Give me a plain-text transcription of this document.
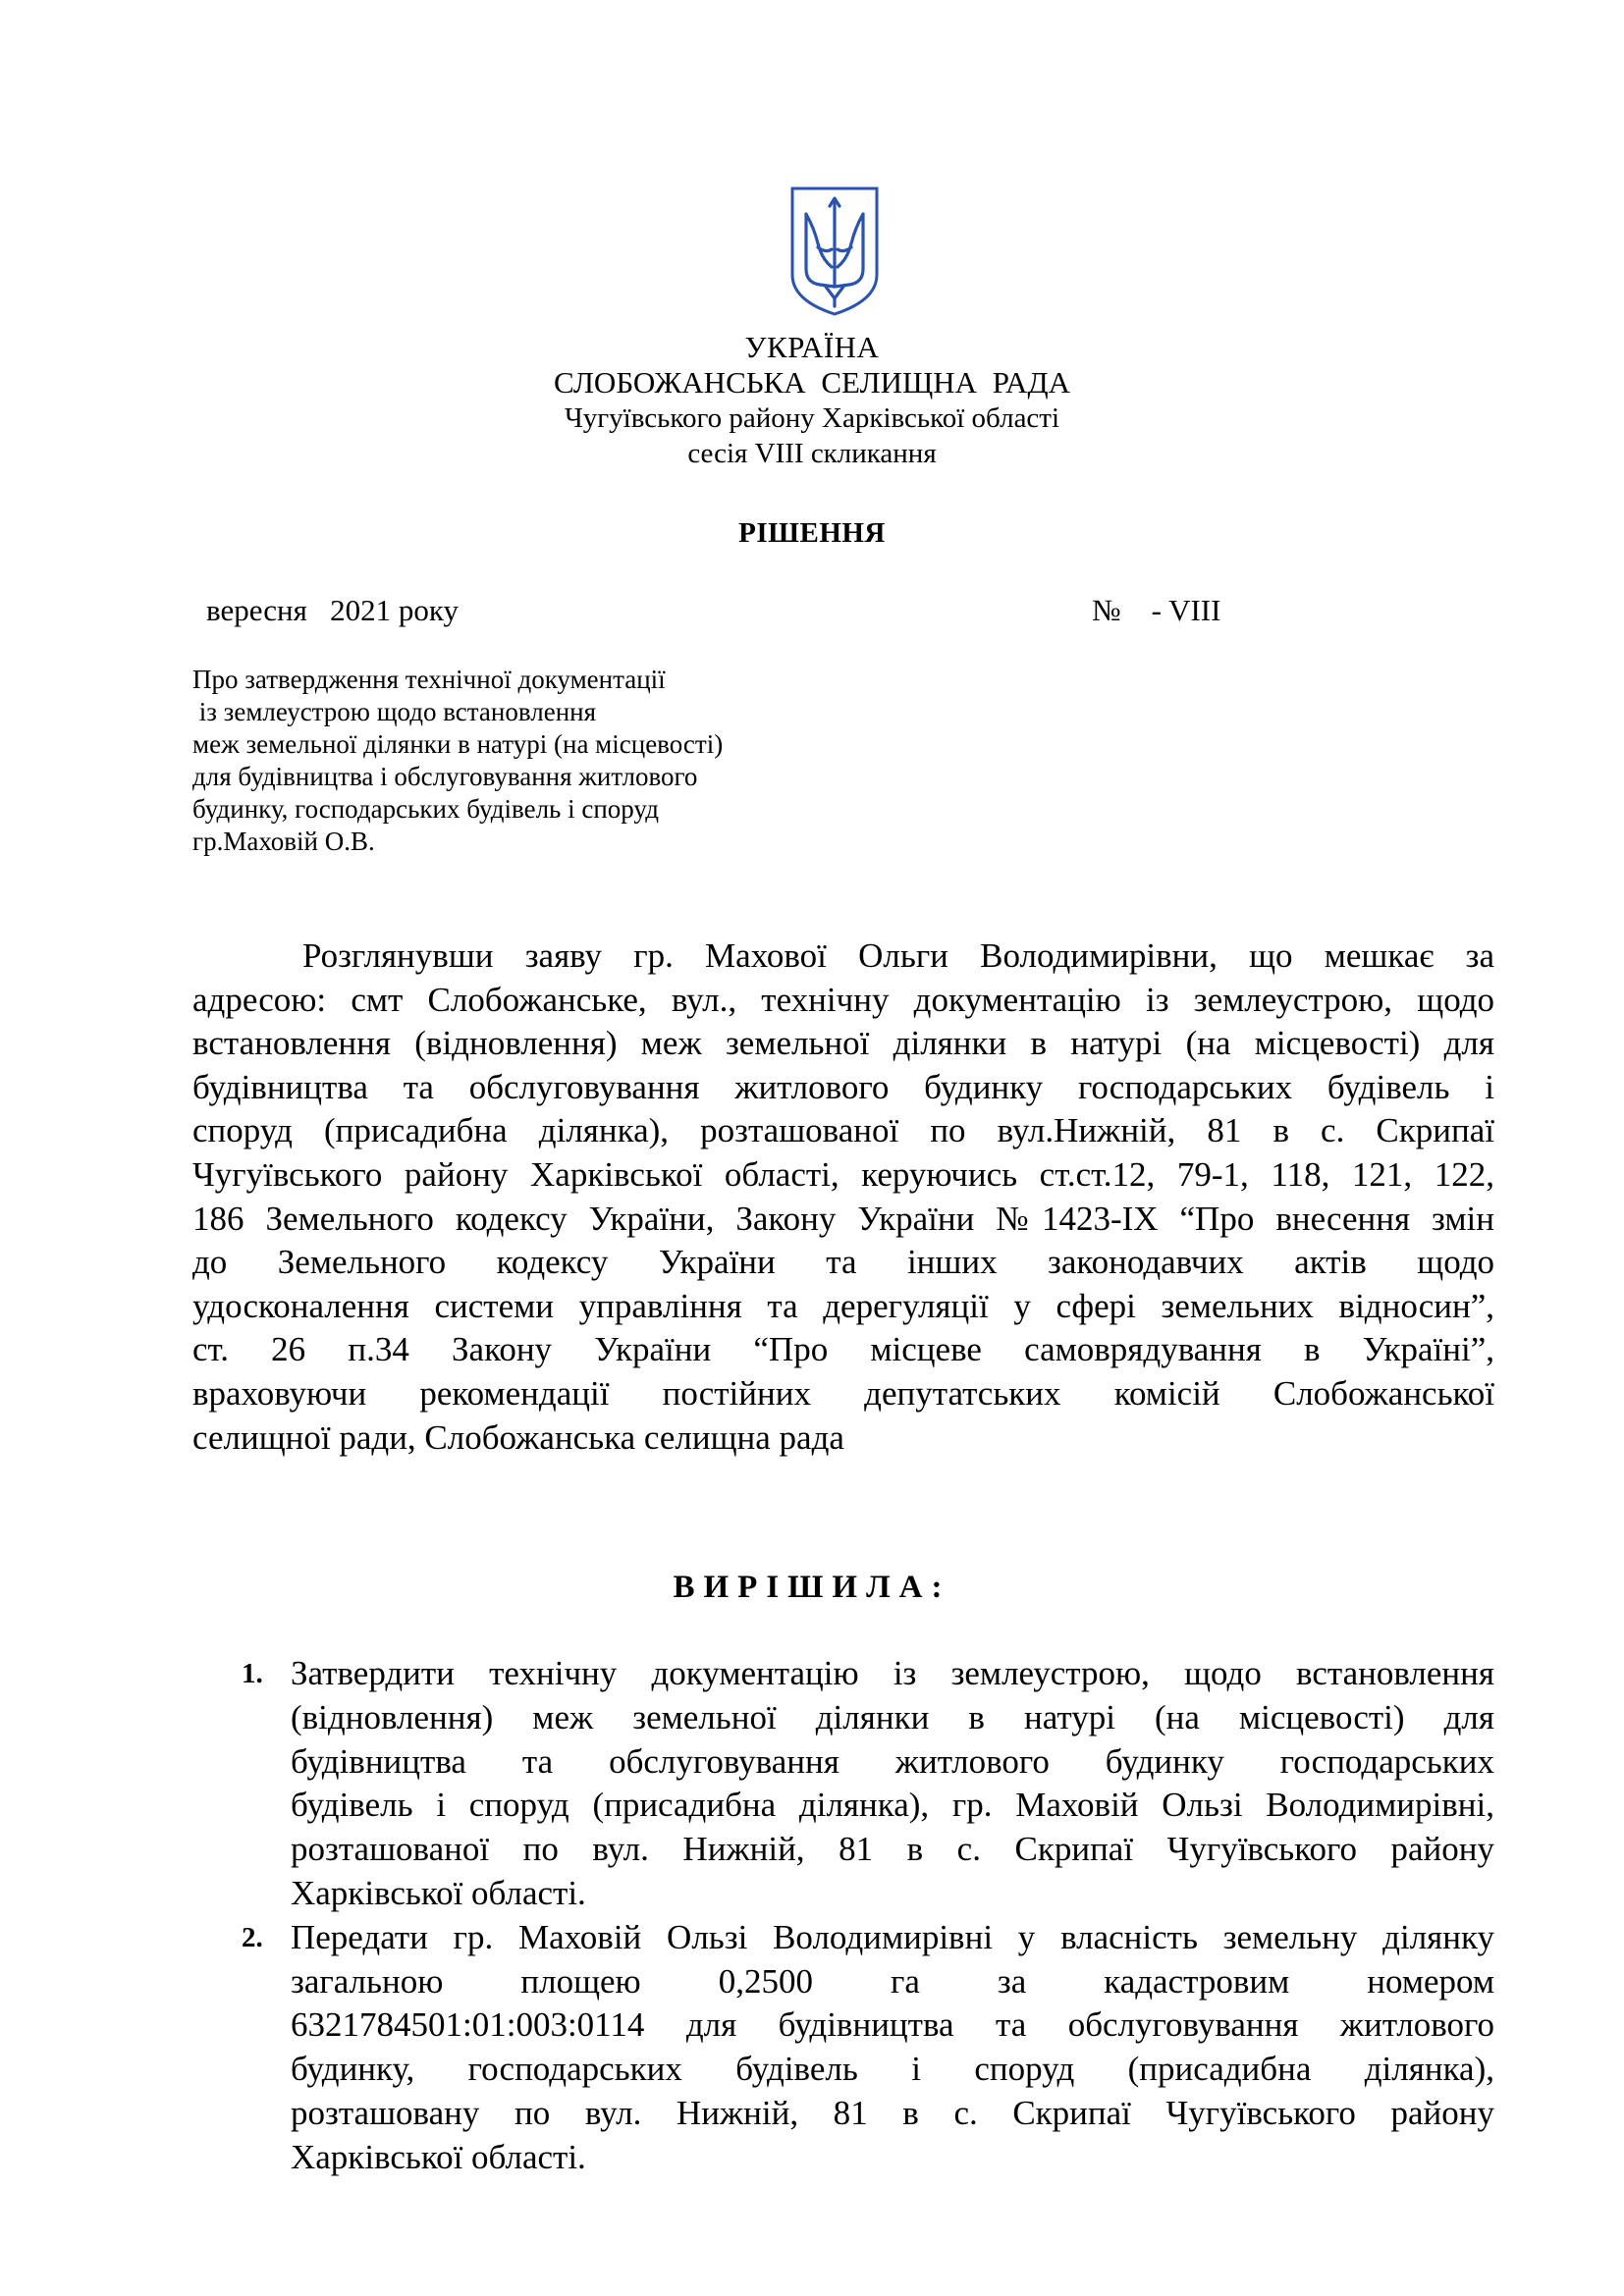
УКРАЇНА
СЛОБОЖАНСЬКА СЕЛИЩНА РАДА
Чугуївського району Харківської області
сесія VIII скликання
РІШЕННЯ
вересня   2021 року	№    - VIII
Про затвердження технічної документації
із землеустрою щодо встановлення
меж земельної ділянки в натурі (на місцевості)
для будівництва і обслуговування житлового
будинку, господарських будівель і споруд
гр.Маховій О.В.
Розглянувши заяву гр. Махової Ольги Володимирівни, що мешкає за
адресою: смт Слобожанське, вул., технічну документацію із землеустрою, щодо
встановлення (відновлення) меж земельної ділянки в натурі (на місцевості) для
будівництва та обслуговування житлового будинку господарських будівель і
споруд (присадибна ділянка), розташованої по вул.Нижній, 81 в с. Скрипаї
Чугуївського району Харківської області, керуючись ст.ст.12, 79-1, 118, 121, 122,
186 Земельного кодексу України, Закону України №1423-IX “Про внесення змін
до Земельного кодексу України та інших законодавчих актів щодо
удосконалення системи управління та дерегуляції у сфері земельних відносин”,
ст. 26 п.34 Закону України “Про місцеве самоврядування в Україні”,
враховуючи рекомендації постійних депутатських комісій Слобожанської
селищної ради, Слобожанська селищна рада
ВИРІШИЛА:
1. Затвердити технічну документацію із землеустрою, щодо встановлення
(відновлення) меж земельної ділянки в натурі (на місцевості) для
будівництва та обслуговування житлового будинку господарських
будівель і споруд (присадибна ділянка), гр. Маховій Ользі Володимирівні,
розташованої по вул. Нижній, 81 в с. Скрипаї Чугуївського району
Харківської області.
2. Передати гр. Маховій Ользі Володимирівні у власність земельну ділянку
загальною площею 0,2500 га за кадастровим номером
6321784501:01:003:0114 для будівництва та обслуговування житлового
будинку, господарських будівель і споруд (присадибна ділянка),
розташовану по вул. Нижній, 81 в с. Скрипаї Чугуївського району
Харківської області.
